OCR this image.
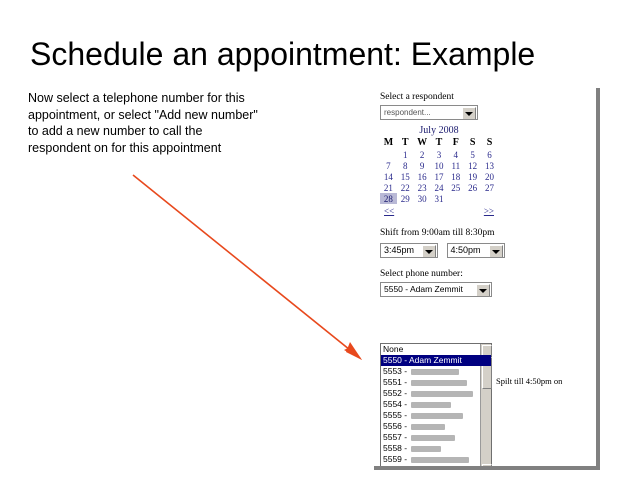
Schedule an appointment: Example
Now select a telephone number for this appointment, or select "Add new number" to add a new number to call the respondent on for this appointment
Select a respondent
respondent...
July 2008
M	T	W	T	F	S	S
	1	2	3	4	5	6
7	8	9	10	11	12	13
14	15	16	17	18	19	20
21	22	23	24	25	26	27
28	29	30	31			
<<	>>
Shift from 9:00am till 8:30pm
3:45pm	4:50pm
Select phone number:
5550 - Adam Zemmit
Spilt till 4:50pm on
None
5550 - Adam Zemmit
5553 -
5551 -
5552 -
5554 -
5555 -
5556 -
5557 -
5558 -
5559 -
Add new phone number
